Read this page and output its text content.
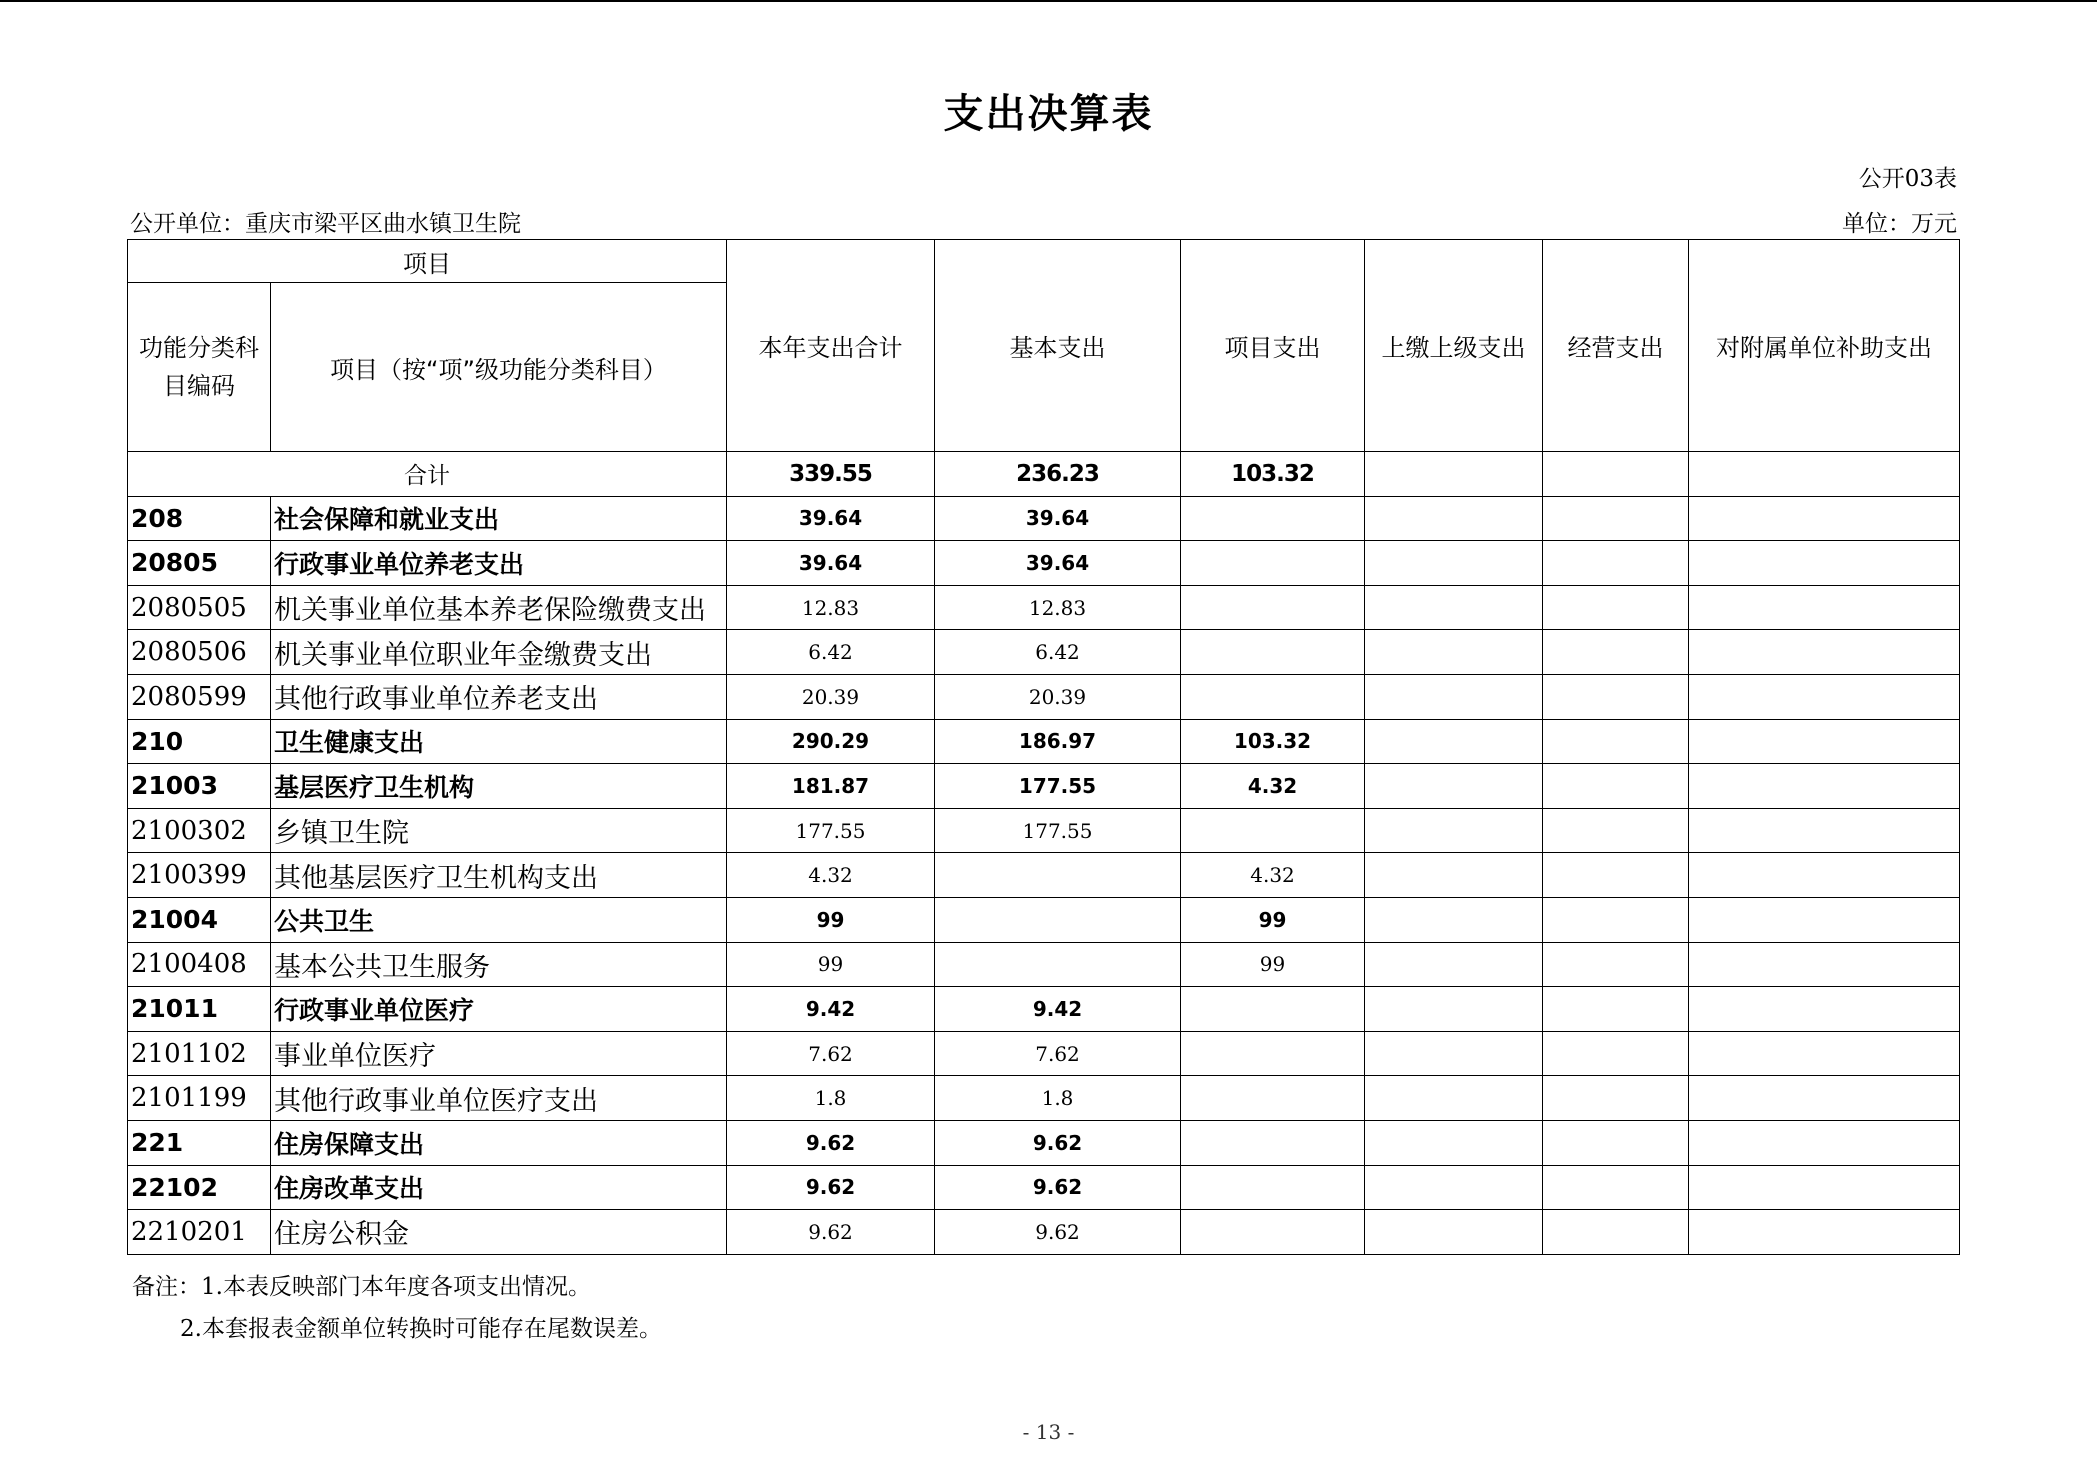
支出决算表
公开03表
公开单位：重庆市梁平区曲水镇卫生院	单位：万元
项目		本年支出合计	基本支出	项目支出	上缴上级支出	经营支出	对附属单位补助支出
功能分类科目编码	项目（按“项”级功能分类科目）						
合计		339.55	236.23	103.32			
208	社会保障和就业支出	39.64	39.64				
20805	行政事业单位养老支出	39.64	39.64				
2080505	机关事业单位基本养老保险缴费支出	12.83	12.83				
2080506	机关事业单位职业年金缴费支出	6.42	6.42				
2080599	其他行政事业单位养老支出	20.39	20.39				
210	卫生健康支出	290.29	186.97	103.32			
21003	基层医疗卫生机构	181.87	177.55	4.32			
2100302	乡镇卫生院	177.55	177.55				
2100399	其他基层医疗卫生机构支出	4.32		4.32			
21004	公共卫生	99		99			
2100408	基本公共卫生服务	99		99			
21011	行政事业单位医疗	9.42	9.42				
2101102	事业单位医疗	7.62	7.62				
2101199	其他行政事业单位医疗支出	1.8	1.8				
221	住房保障支出	9.62	9.62				
22102	住房改革支出	9.62	9.62				
2210201	住房公积金	9.62	9.62				
备注：1.本表反映部门本年度各项支出情况。
2.本套报表金额单位转换时可能存在尾数误差。
- 13 -
